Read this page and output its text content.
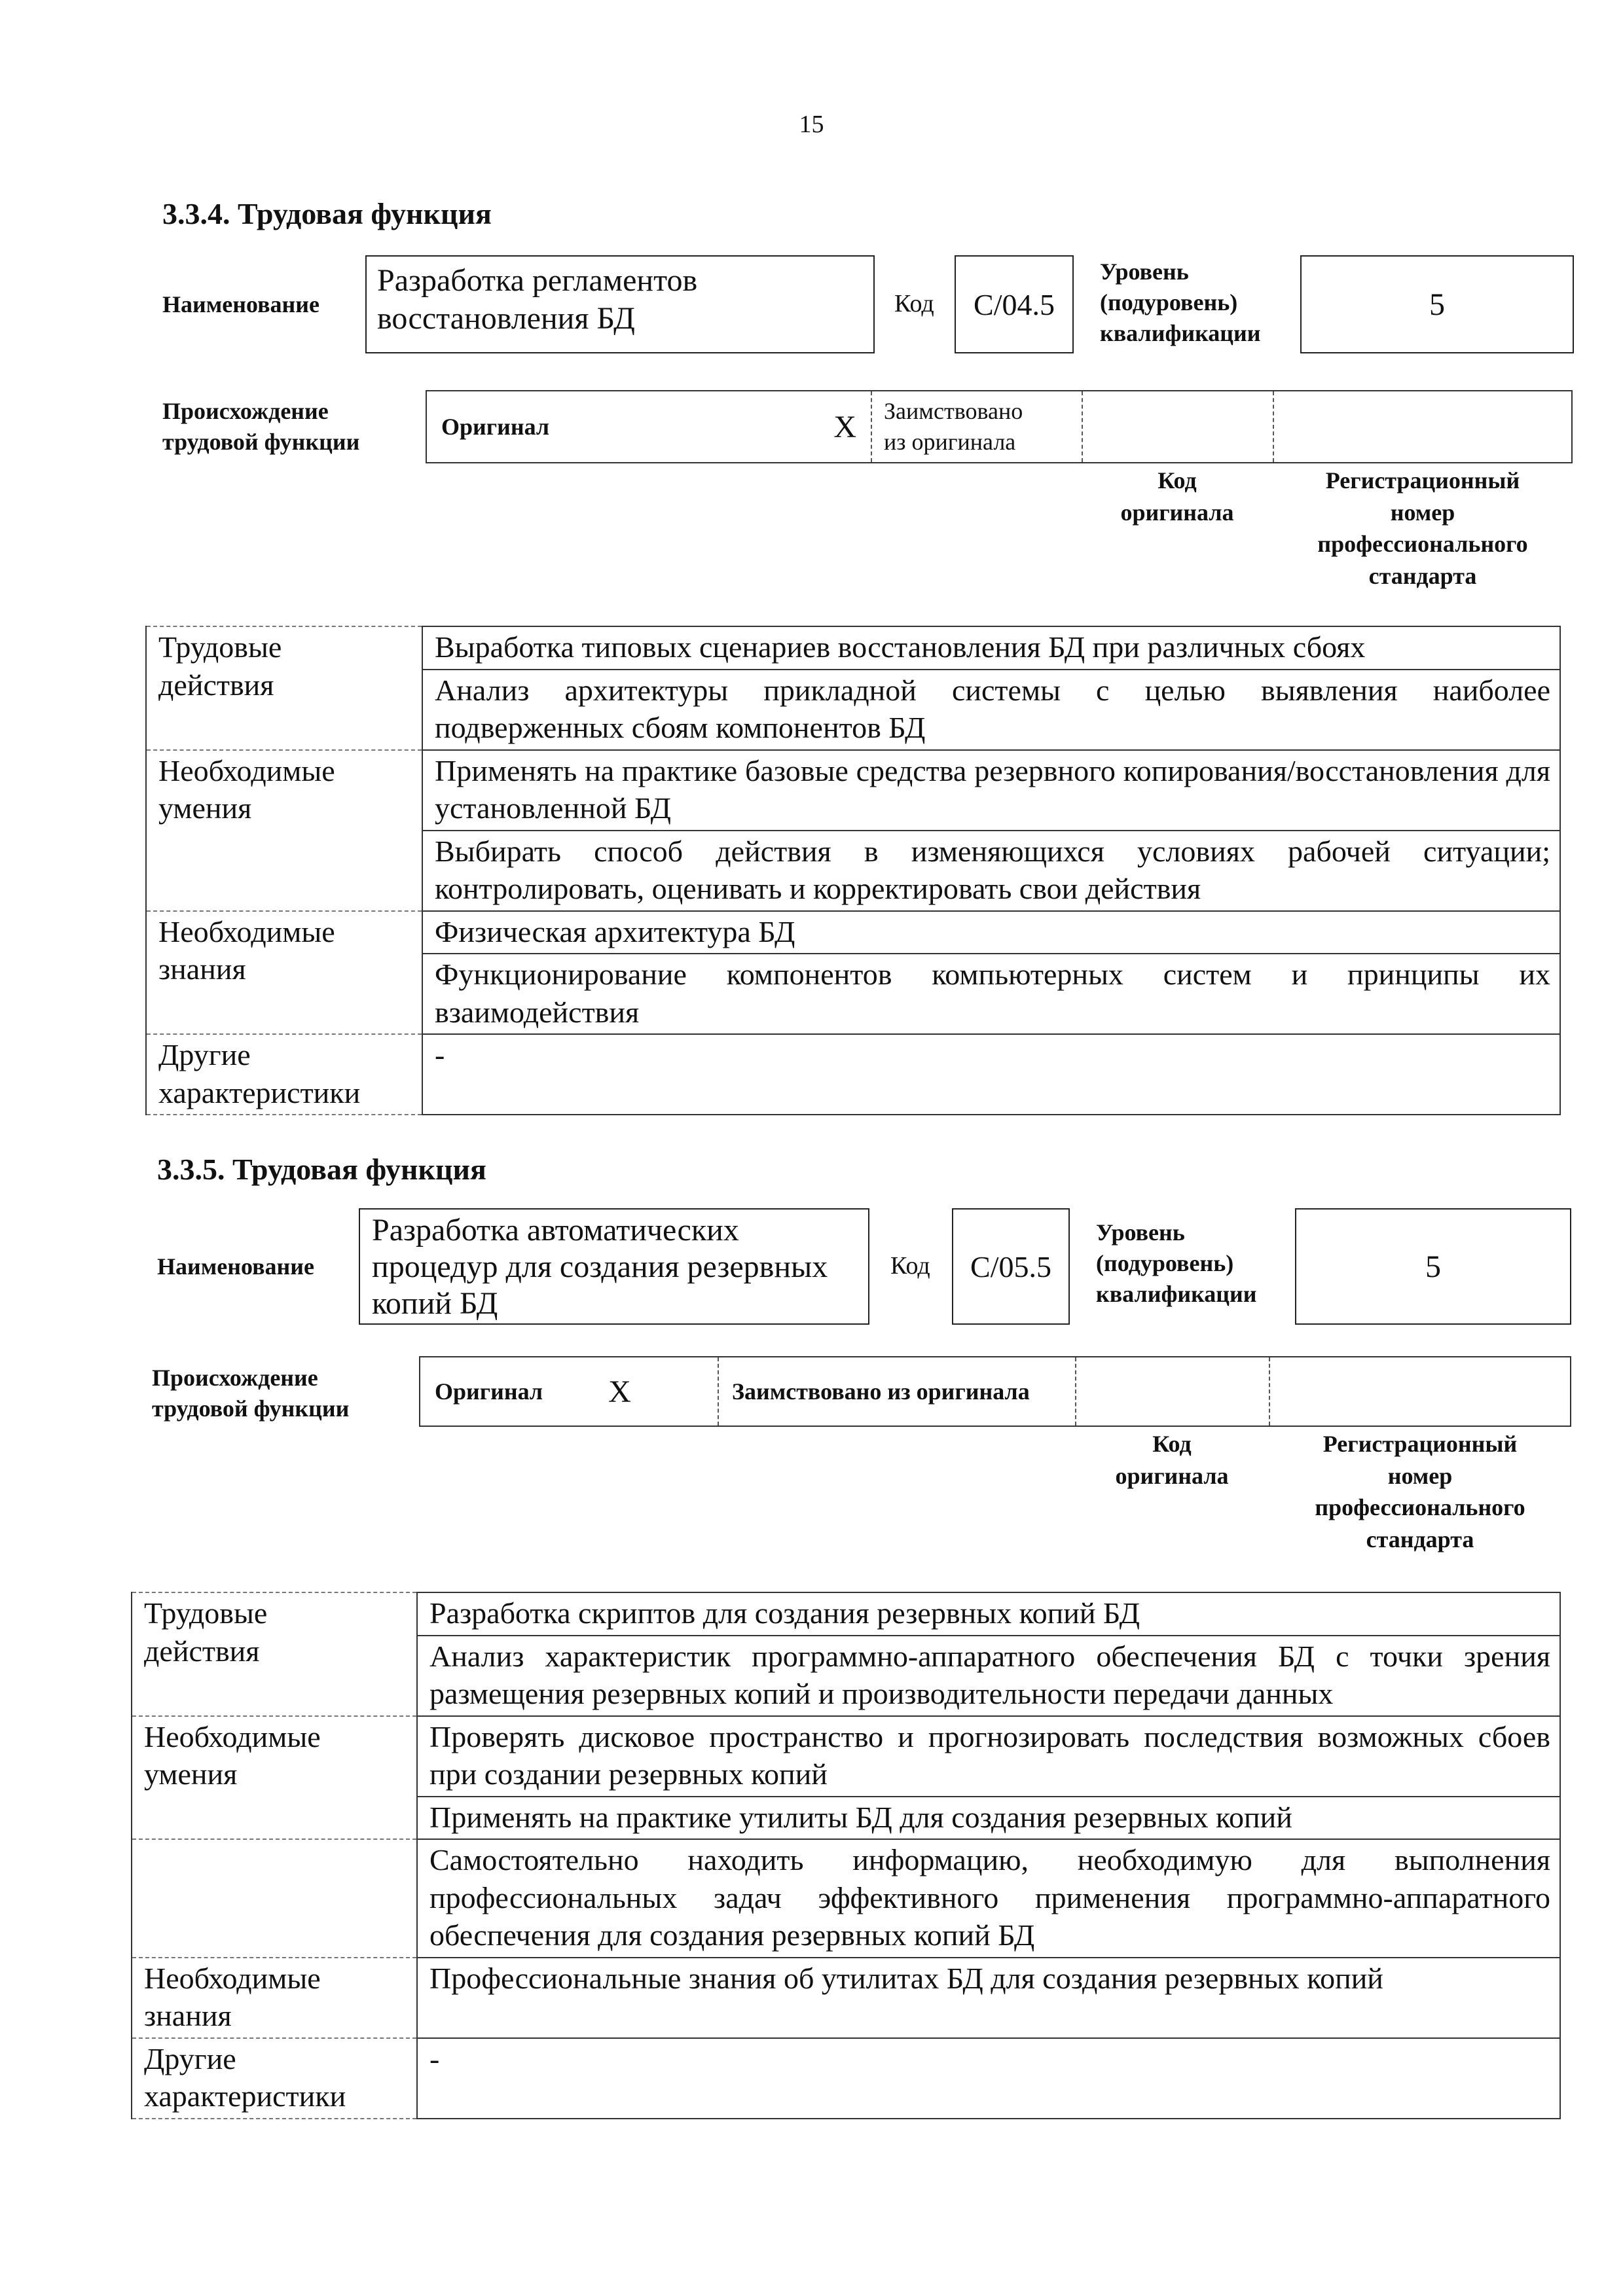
15
3.3.4. Трудовая функция
Наименование
Разработка регламентов
восстановления БД	Код	C/04.5
Уровень
(подуровень)
квалификации
5
Происхождение
трудовой функции
Оригинал	X Заимствовано
из оригинала
Код
оригинала
Регистрационный
номер
профессионального
стандарта
Трудовые
действия	Выработка типовых сценариев восстановления БД при различных сбоях
	Анализ архитектуры прикладной системы с целью выявления наиболее подверженных сбоям компонентов БД

Необходимые
умения	Применять на практике базовые средства резервного копирования/восстановления для установленной БД
	Выбирать способ действия в изменяющихся условиях рабочей ситуации; контролировать, оценивать и корректировать свои действия

Необходимые
знания	Физическая архитектура БД
	Функционирование компонентов компьютерных систем и принципы их взаимодействия

Другие
характеристики	-
3.3.5. Трудовая функция
Наименование
Разработка автоматических
процедур для создания резервных
копий БД
Код	C/05.5
Уровень
(подуровень)
квалификации
5
Происхождение
трудовой функции
Оригинал X	Заимствовано из оригинала
Код
оригинала
Регистрационный
номер
профессионального
стандарта
Трудовые
действия	Разработка скриптов для создания резервных копий БД
	Анализ характеристик программно-аппаратного обеспечения БД с точки зрения размещения резервных копий и производительности передачи данных

Необходимые
умения	Проверять дисковое пространство и прогнозировать последствия возможных сбоев при создании резервных копий
	Применять на практике утилиты БД для создания резервных копий
	Самостоятельно находить информацию, необходимую для выполнения профессиональных задач эффективного применения программно-аппаратного обеспечения для создания резервных копий БД

Необходимые
знания	Профессиональные знания об утилитах БД для создания резервных копий

Другие
характеристики	-
